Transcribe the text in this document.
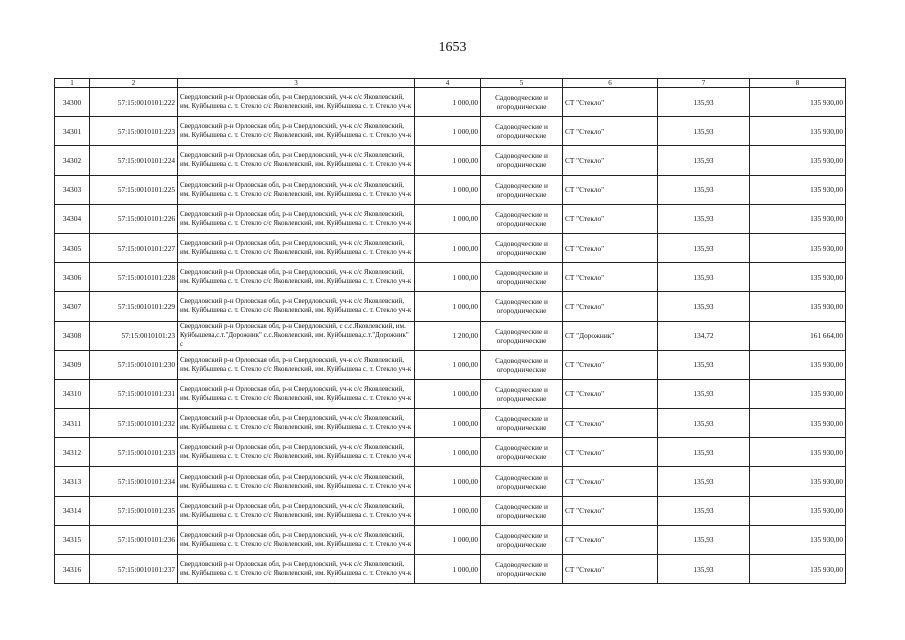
1653
1	2	3	4	5	6	7	8
34300	57:15:0010101:222	Свердловский р-н Орловская обл, р-н Свердловский, уч-к с/с Яковлевский, им. Куйбышева с. т. Стекло с/с Яковлевский, им. Куйбышева с. т. Стекло уч-к	1 000,00	Садоводческие и огороднические	СТ "Стекло"	135,93	135 930,00
34301	57:15:0010101:223	Свердловский р-н Орловская обл, р-н Свердловский, уч-к с/с Яковлевский, им. Куйбышева с. т. Стекло с/с Яковлевский, им. Куйбышева с. т. Стекло уч-к	1 000,00	Садоводческие и огороднические	СТ "Стекло"	135,93	135 930,00
34302	57:15:0010101:224	Свердловский р-н Орловская обл, р-н Свердловский, уч-к с/с Яковлевский, им. Куйбышева с. т. Стекло с/с Яковлевский, им. Куйбышева с. т. Стекло уч-к	1 000,00	Садоводческие и огороднические	СТ "Стекло"	135,93	135 930,00
34303	57:15:0010101:225	Свердловский р-н Орловская обл, р-н Свердловский, уч-к с/с Яковлевский, им. Куйбышева с. т. Стекло с/с Яковлевский, им. Куйбышева с. т. Стекло уч-к	1 000,00	Садоводческие и огороднические	СТ "Стекло"	135,93	135 930,00
34304	57:15:0010101:226	Свердловский р-н Орловская обл, р-н Свердловский, уч-к с/с Яковлевский, им. Куйбышева с. т. Стекло с/с Яковлевский, им. Куйбышева с. т. Стекло уч-к	1 000,00	Садоводческие и огороднические	СТ "Стекло"	135,93	135 930,00
34305	57:15:0010101:227	Свердловский р-н Орловская обл, р-н Свердловский, уч-к с/с Яковлевский, им. Куйбышева с. т. Стекло с/с Яковлевский, им. Куйбышева с. т. Стекло уч-к	1 000,00	Садоводческие и огороднические	СТ "Стекло"	135,93	135 930,00
34306	57:15:0010101:228	Свердловский р-н Орловская обл, р-н Свердловский, уч-к с/с Яковлевский, им. Куйбышева с. т. Стекло с/с Яковлевский, им. Куйбышева с. т. Стекло уч-к	1 000,00	Садоводческие и огороднические	СТ "Стекло"	135,93	135 930,00
34307	57:15:0010101:229	Свердловский р-н Орловская обл, р-н Свердловский, уч-к с/с Яковлевский, им. Куйбышева с. т. Стекло с/с Яковлевский, им. Куйбышева с. т. Стекло уч-к	1 000,00	Садоводческие и огороднические	СТ "Стекло"	135,93	135 930,00
34308	57:15:0010101:23	Свердловский р-н Орловская обл, р-н Свердловский, с с.с.Яковлевский, им. Куйбышева,с.т."Дорожник" с.с.Яковлевский, им. Куйбышева,с.т."Дорожник" с	1 200,00	Садоводческие и огороднические	СТ "Дорожник"	134,72	161 664,00
34309	57:15:0010101:230	Свердловский р-н Орловская обл, р-н Свердловский, уч-к с/с Яковлевский, им. Куйбышева с. т. Стекло с/с Яковлевский, им. Куйбышева с. т. Стекло уч-к	1 000,00	Садоводческие и огороднические	СТ "Стекло"	135,93	135 930,00
34310	57:15:0010101:231	Свердловский р-н Орловская обл, р-н Свердловский, уч-к с/с Яковлевский, им. Куйбышева с. т. Стекло с/с Яковлевский, им. Куйбышева с. т. Стекло уч-к	1 000,00	Садоводческие и огороднические	СТ "Стекло"	135,93	135 930,00
34311	57:15:0010101:232	Свердловский р-н Орловская обл, р-н Свердловский, уч-к с/с Яковлевский, им. Куйбышева с. т. Стекло с/с Яковлевский, им. Куйбышева с. т. Стекло уч-к	1 000,00	Садоводческие и огороднические	СТ "Стекло"	135,93	135 930,00
34312	57:15:0010101:233	Свердловский р-н Орловская обл, р-н Свердловский, уч-к с/с Яковлевский, им. Куйбышева с. т. Стекло с/с Яковлевский, им. Куйбышева с. т. Стекло уч-к	1 000,00	Садоводческие и огороднические	СТ "Стекло"	135,93	135 930,00
34313	57:15:0010101:234	Свердловский р-н Орловская обл, р-н Свердловский, уч-к с/с Яковлевский, им. Куйбышева с. т. Стекло с/с Яковлевский, им. Куйбышева с. т. Стекло уч-к	1 000,00	Садоводческие и огороднические	СТ "Стекло"	135,93	135 930,00
34314	57:15:0010101:235	Свердловский р-н Орловская обл, р-н Свердловский, уч-к с/с Яковлевский, им. Куйбышева с. т. Стекло с/с Яковлевский, им. Куйбышева с. т. Стекло уч-к	1 000,00	Садоводческие и огороднические	СТ "Стекло"	135,93	135 930,00
34315	57:15:0010101:236	Свердловский р-н Орловская обл, р-н Свердловский, уч-к с/с Яковлевский, им. Куйбышева с. т. Стекло с/с Яковлевский, им. Куйбышева с. т. Стекло уч-к	1 000,00	Садоводческие и огороднические	СТ "Стекло"	135,93	135 930,00
34316	57:15:0010101:237	Свердловский р-н Орловская обл, р-н Свердловский, уч-к с/с Яковлевский, им. Куйбышева с. т. Стекло с/с Яковлевский, им. Куйбышева с. т. Стекло уч-к	1 000,00	Садоводческие и огороднические	СТ "Стекло"	135,93	135 930,00
